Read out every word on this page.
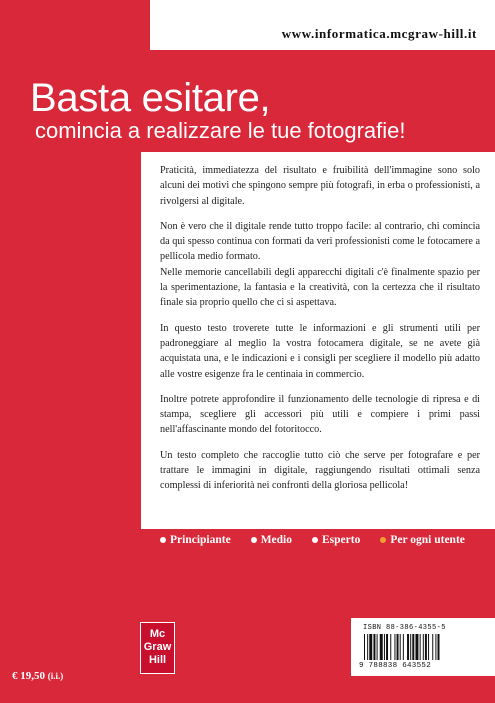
www.informatica.mcgraw-hill.it
Basta esitare,
comincia a realizzare le tue fotografie!

Praticità, immediatezza del risultato e fruibilità dell'immagine sono solo alcuni dei motivi che spingono sempre più fotografi, in erba o professionisti, a rivolgersi al digitale.

Non è vero che il digitale rende tutto troppo facile: al contrario, chi comincia da qui spesso continua con formati da veri professionisti come le fotocamere a pellicola medio formato.

Nelle memorie cancellabili degli apparecchi digitali c'è finalmente spazio per la sperimentazione, la fantasia e la creatività, con la certezza che il risultato finale sia proprio quello che ci si aspettava.

In questo testo troverete tutte le informazioni e gli strumenti utili per padroneggiare al meglio la vostra fotocamera digitale, se ne avete già acquistata una, e le indicazioni e i consigli per scegliere il modello più adatto alle vostre esigenze fra le centinaia in commercio.

Inoltre potrete approfondire il funzionamento delle tecnologie di ripresa e di stampa, scegliere gli accessori più utili e compiere i primi passi nell'affascinante mondo del fotoritocco.

Un testo completo che raccoglie tutto ciò che serve per fotografare e per trattare le immagini in digitale, raggiungendo risultati ottimali senza complessi di inferiorità nei confronti della gloriosa pellicola!

Principiante	Medio	Esperto	Per ogni utente
Mc
Graw
Hill
ISBN 88-386-4355-5
9 788838 643552
€ 19,50 (i.i.)
